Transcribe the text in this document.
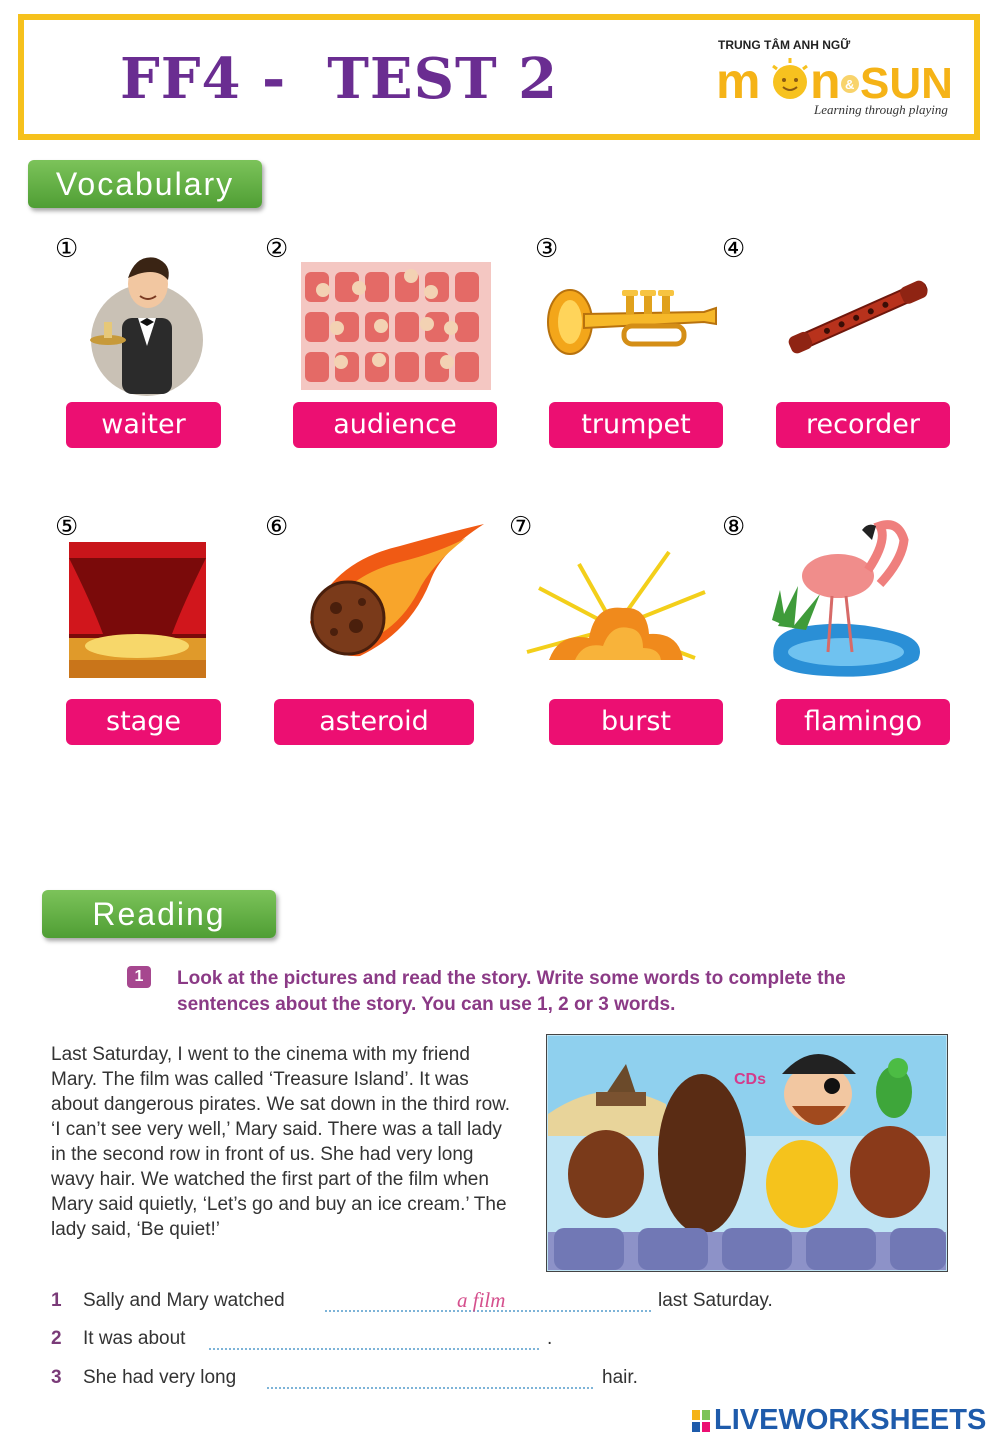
FF4 -  TEST 2
TRUNG TÂM ANH NGỮ
m n & SUN
Learning through playing
Vocabulary
①
waiter
②
audience
③
trumpet
④
recorder
⑤
stage
⑥
asteroid
⑦
burst
⑧
flamingo
Reading
1	Look at the pictures and read the story. Write some words to complete the sentences about the story. You can use 1, 2 or 3 words.
Last Saturday, I went to the cinema with my friend Mary. The film was called ‘Treasure Island’. It was about dangerous pirates. We sat down in the third row. ‘I can’t see very well,’ Mary said. There was a tall lady in the second row in front of us. She had very long wavy hair. We watched the first part of the film when Mary said quietly, ‘Let’s go and buy an ice cream.’ The lady said, ‘Be quiet!’
CDs
1 Sally and Mary watched	a film	last Saturday.
2 It was about	.
3 She had very long	hair.
LIVEWORKSHEETS
